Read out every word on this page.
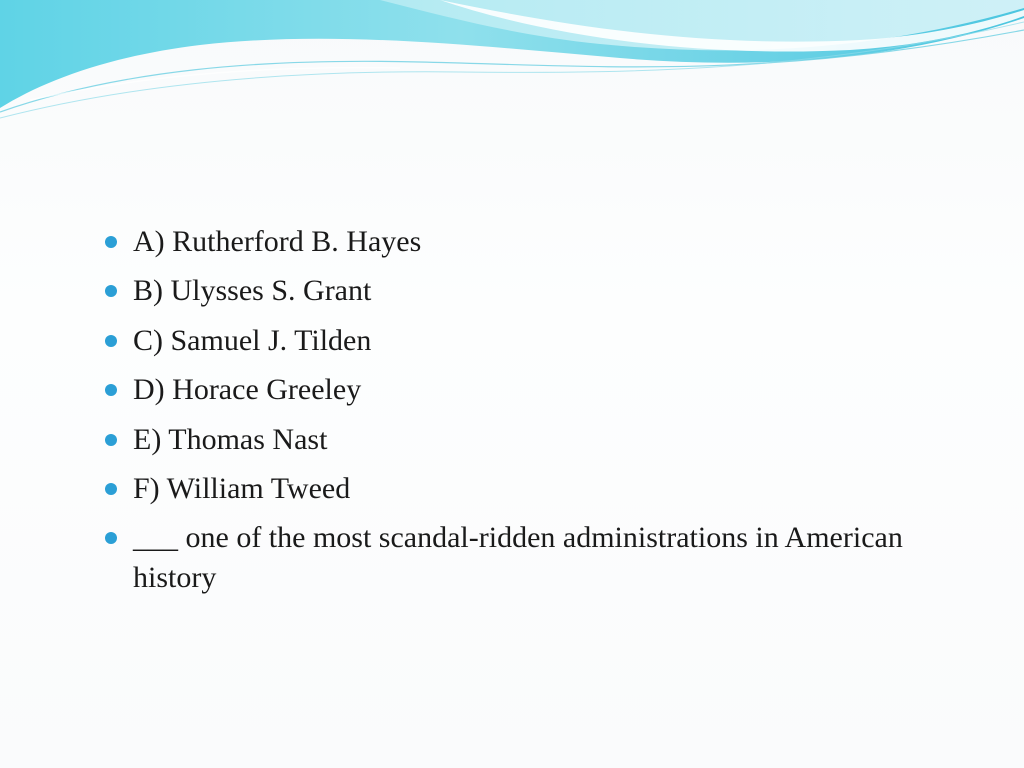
A) Rutherford B. Hayes
B) Ulysses S. Grant
C) Samuel J. Tilden
D) Horace Greeley
E) Thomas Nast
F) William Tweed
___ one of the most scandal-ridden administrations in American history
